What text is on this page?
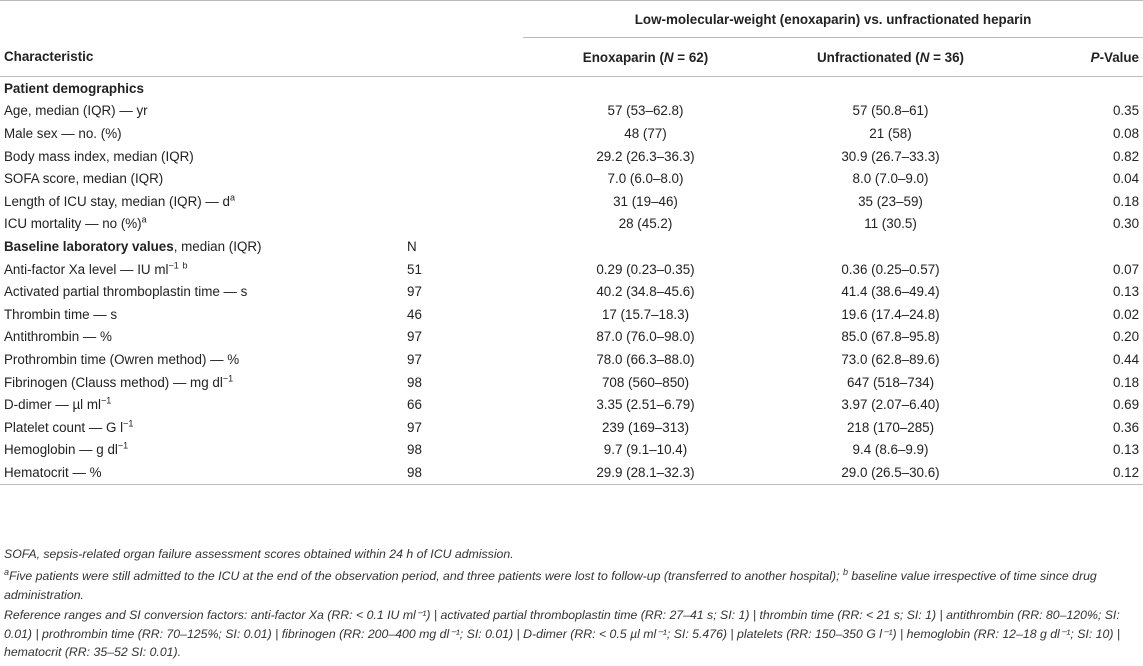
		Low-molecular-weight (enoxaparin) vs. unfractionated heparin		
Characteristic		Enoxaparin (N = 62)	Unfractionated (N = 36)	P-Value
Patient demographics				
Age, median (IQR) — yr		57 (53–62.8)	57 (50.8–61)	0.35
Male sex — no. (%)		48 (77)	21 (58)	0.08
Body mass index, median (IQR)		29.2 (26.3–36.3)	30.9 (26.7–33.3)	0.82
SOFA score, median (IQR)		7.0 (6.0–8.0)	8.0 (7.0–9.0)	0.04
Length of ICU stay, median (IQR) — $d^a$		31 (19–46)	35 (23–59)	0.18
ICU mortality — no (%)$^a$		28 (45.2)	11 (30.5)	0.30
Baseline laboratory values, median (IQR)	N			
Anti-factor Xa level — IU $ml^{-1}$ $^b$	51	0.29 (0.23–0.35)	0.36 (0.25–0.57)	0.07
Activated partial thromboplastin time — s	97	40.2 (34.8–45.6)	41.4 (38.6–49.4)	0.13
Thrombin time — s	46	17 (15.7–18.3)	19.6 (17.4–24.8)	0.02
Antithrombin — %	97	87.0 (76.0–98.0)	85.0 (67.8–95.8)	0.20
Prothrombin time (Owren method) — %	97	78.0 (66.3–88.0)	73.0 (62.8–89.6)	0.44
Fibrinogen (Clauss method) — mg $dl^{-1}$	98	708 (560–850)	647 (518–734)	0.18
D-dimer — µl $ml^{-1}$	66	3.35 (2.51–6.79)	3.97 (2.07–6.40)	0.69
Platelet count — G $l^{-1}$	97	239 (169–313)	218 (170–285)	0.36
Hemoglobin — g $dl^{-1}$	98	9.7 (9.1–10.4)	9.4 (8.6–9.9)	0.13
Hematocrit — %	98	29.9 (28.1–32.3)	29.0 (26.5–30.6)	0.12
SOFA, sepsis-related organ failure assessment scores obtained within 24 h of ICU admission.
$^a$Five patients were still admitted to the ICU at the end of the observation period, and three patients were lost to follow-up (transferred to another hospital); $^b$ baseline value irrespective of time since drug administration.
Reference ranges and SI conversion factors: anti-factor Xa (RR: < 0.1 IU ml⁻¹) | activated partial thromboplastin time (RR: 27–41 s; SI: 1) | thrombin time (RR: < 21 s; SI: 1) | antithrombin (RR: 80–120%; SI: 0.01) | prothrombin time (RR: 70–125%; SI: 0.01) | fibrinogen (RR: 200–400 mg dl⁻¹; SI: 0.01) | D-dimer (RR: < 0.5 µl ml⁻¹; SI: 5.476) | platelets (RR: 150–350 G l⁻¹) | hemoglobin (RR: 12–18 g dl⁻¹; SI: 10) | hematocrit (RR: 35–52 SI: 0.01).
